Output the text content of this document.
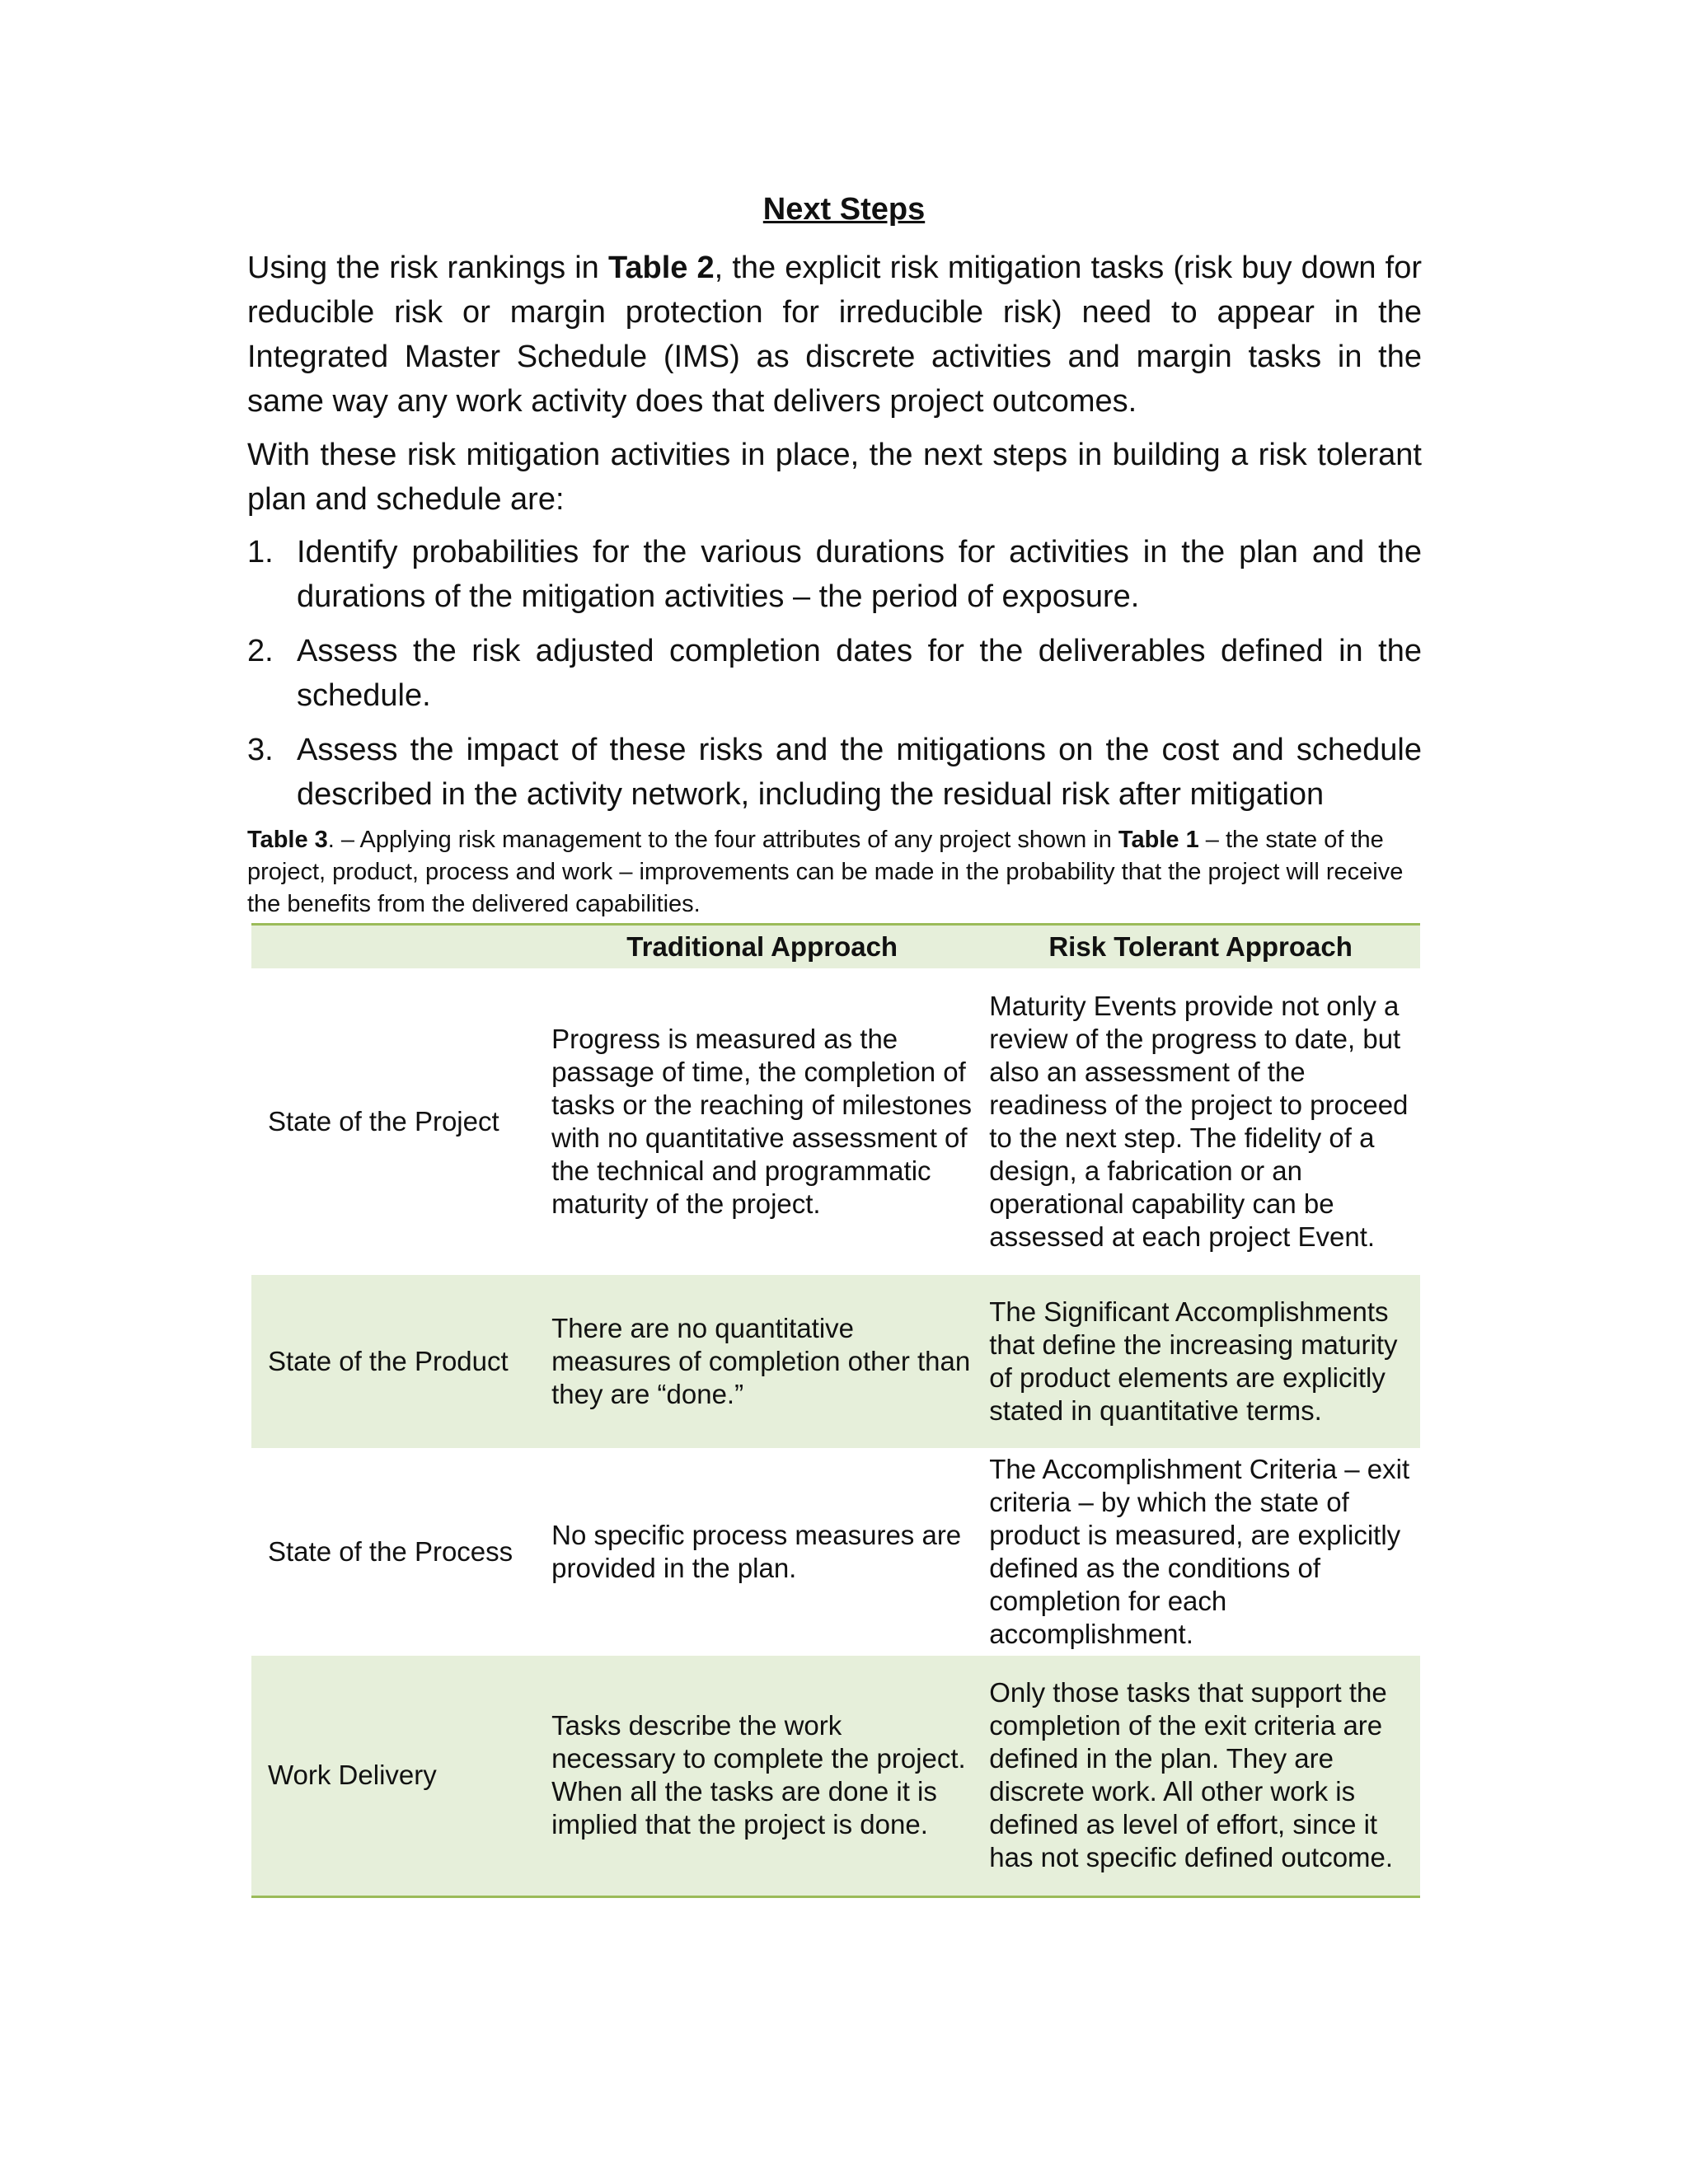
Next Steps

Using the risk rankings in Table 2, the explicit risk mitigation tasks (risk buy down for reducible risk or margin protection for irreducible risk) need to appear in the Integrated Master Schedule (IMS) as discrete activities and margin tasks in the same way any work activity does that delivers project outcomes.

With these risk mitigation activities in place, the next steps in building a risk tolerant plan and schedule are:

1. Identify probabilities for the various durations for activities in the plan and the durations of the mitigation activities – the period of exposure.
2. Assess the risk adjusted completion dates for the deliverables defined in the schedule.
3. Assess the impact of these risks and the mitigations on the cost and schedule described in the activity network, including the residual risk after mitigation

Table 3. – Applying risk management to the four attributes of any project shown in Table 1 – the state of the project, product, process and work – improvements can be made in the probability that the project will receive the benefits from the delivered capabilities.

	Traditional Approach	Risk Tolerant Approach
State of the Project	Progress is measured as the passage of time, the completion of tasks or the reaching of milestones with no quantitative assessment of the technical and programmatic maturity of the project.	Maturity Events provide not only a review of the progress to date, but also an assessment of the readiness of the project to proceed to the next step. The fidelity of a design, a fabrication or an operational capability can be assessed at each project Event.
State of the Product	There are no quantitative measures of completion other than they are “done.”	The Significant Accomplishments that define the increasing maturity of product elements are explicitly stated in quantitative terms.
State of the Process	No specific process measures are provided in the plan.	The Accomplishment Criteria – exit criteria – by which the state of product is measured, are explicitly defined as the conditions of completion for each accomplishment.
Work Delivery	Tasks describe the work necessary to complete the project. When all the tasks are done it is implied that the project is done.	Only those tasks that support the completion of the exit criteria are defined in the plan. They are discrete work. All other work is defined as level of effort, since it has not specific defined outcome.
